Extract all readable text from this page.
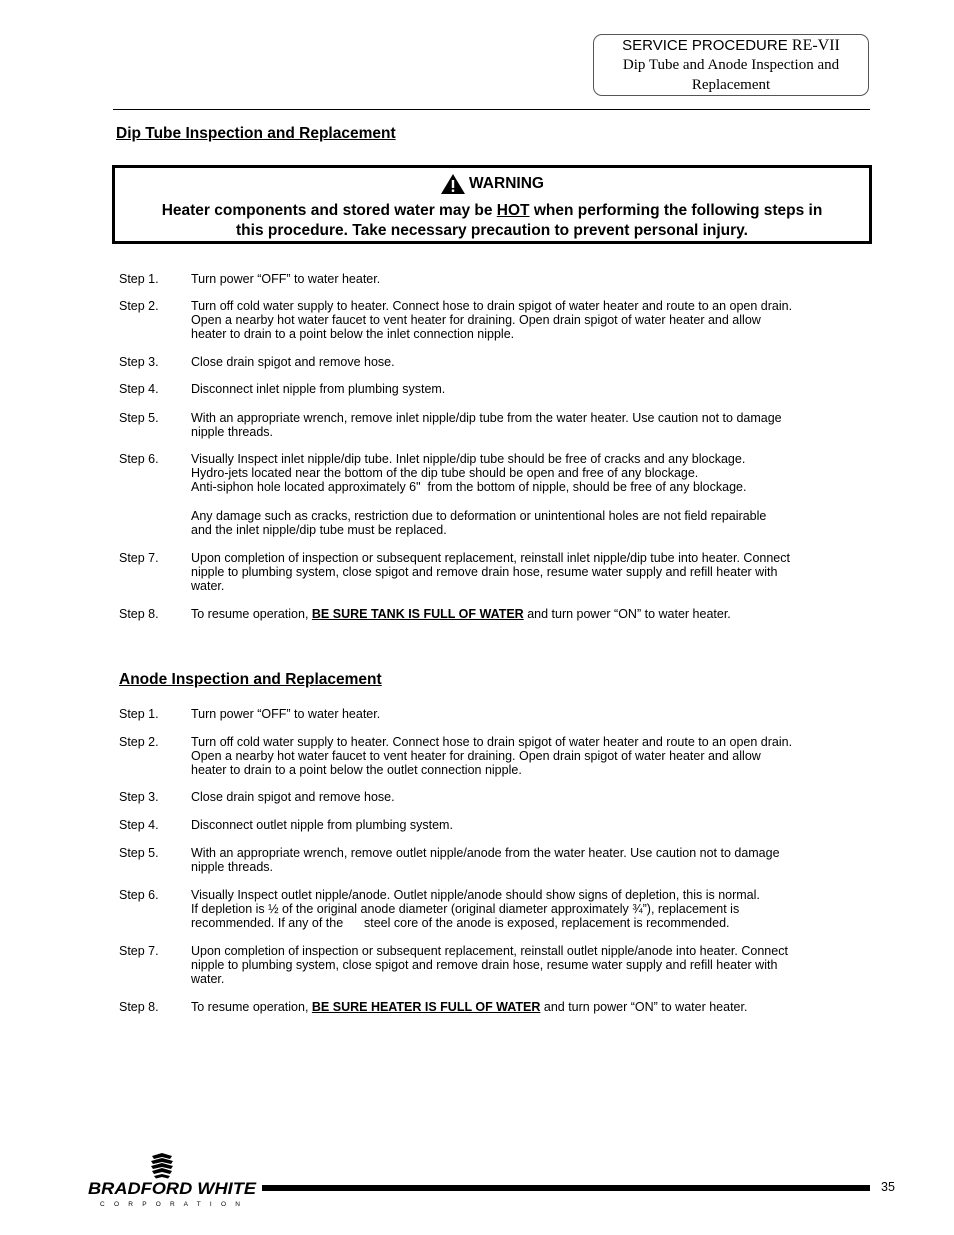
SERVICE PROCEDURE RE-VII
Dip Tube and Anode Inspection and
Replacement
Dip Tube Inspection and Replacement
WARNING
Heater components and stored water may be HOT when performing the following steps in
this procedure. Take necessary precaution to prevent personal injury.
Step 1.	Turn power “OFF” to water heater.
Step 2.	Turn off cold water supply to heater. Connect hose to drain spigot of water heater and route to an open drain.
Open a nearby hot water faucet to vent heater for draining. Open drain spigot of water heater and allow
heater to drain to a point below the inlet connection nipple.
Step 3.	Close drain spigot and remove hose.
Step 4.	Disconnect inlet nipple from plumbing system.
Step 5.	With an appropriate wrench, remove inlet nipple/dip tube from the water heater. Use caution not to damage
nipple threads.
Step 6.	Visually Inspect inlet nipple/dip tube. Inlet nipple/dip tube should be free of cracks and any blockage.
Hydro-jets located near the bottom of the dip tube should be open and free of any blockage.
Anti-siphon hole located approximately 6"  from the bottom of nipple, should be free of any blockage.
Any damage such as cracks, restriction due to deformation or unintentional holes are not field repairable
and the inlet nipple/dip tube must be replaced.
Step 7.	Upon completion of inspection or subsequent replacement, reinstall inlet nipple/dip tube into heater. Connect
nipple to plumbing system, close spigot and remove drain hose, resume water supply and refill heater with
water.
Step 8.	To resume operation, BE SURE TANK IS FULL OF WATER and turn power “ON” to water heater.
Anode Inspection and Replacement
Step 1.	Turn power “OFF” to water heater.
Step 2.	Turn off cold water supply to heater. Connect hose to drain spigot of water heater and route to an open drain.
Open a nearby hot water faucet to vent heater for draining. Open drain spigot of water heater and allow
heater to drain to a point below the outlet connection nipple.
Step 3.	Close drain spigot and remove hose.
Step 4.	Disconnect outlet nipple from plumbing system.
Step 5.	With an appropriate wrench, remove outlet nipple/anode from the water heater. Use caution not to damage
nipple threads.
Step 6.	Visually Inspect outlet nipple/anode. Outlet nipple/anode should show signs of depletion, this is normal.
If depletion is ½ of the original anode diameter (original diameter approximately ¾”), replacement is
recommended. If any of the      steel core of the anode is exposed, replacement is recommended.
Step 7.	Upon completion of inspection or subsequent replacement, reinstall outlet nipple/anode into heater. Connect
nipple to plumbing system, close spigot and remove drain hose, resume water supply and refill heater with
water.
Step 8.	To resume operation, BE SURE HEATER IS FULL OF WATER and turn power “ON” to water heater.
BRADFORD WHITE
C O R P O R A T I O N
35
